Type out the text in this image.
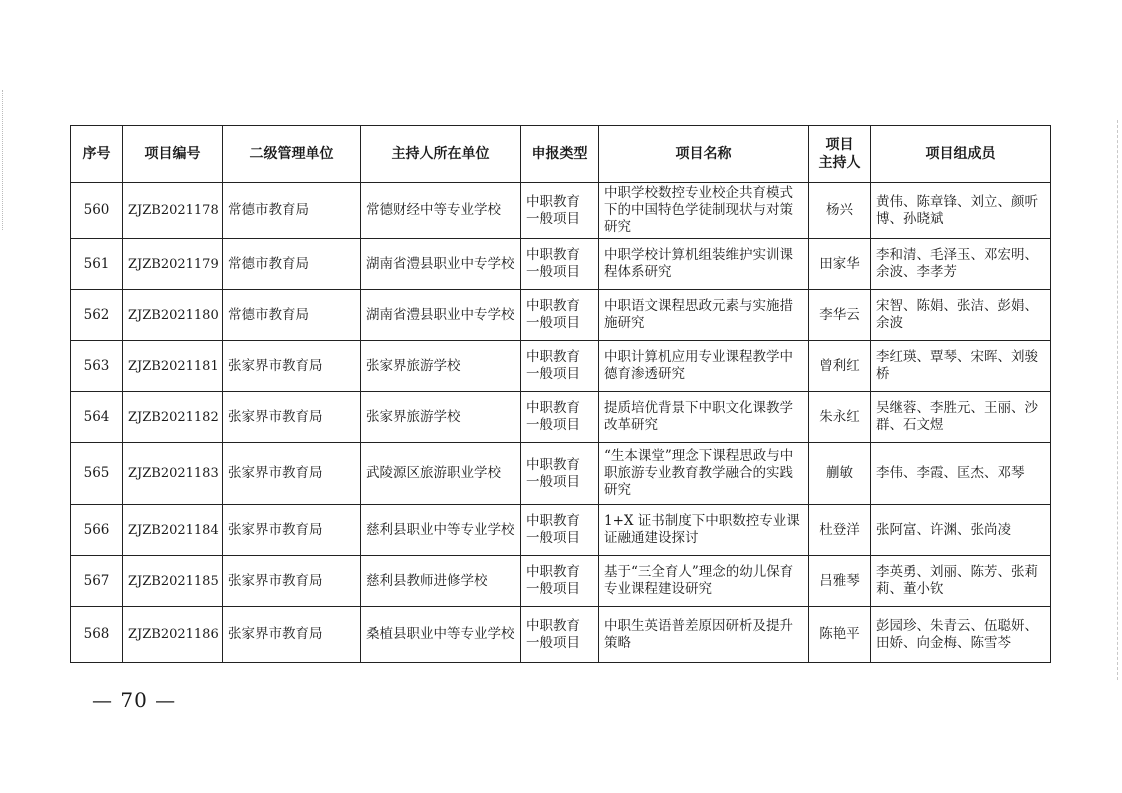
序号	项目编号	二级管理单位	主持人所在单位	申报类型	项目名称	项目
主持人	项目组成员
560	ZJZB2021178	常德市教育局	常德财经中等专业学校	中职教育一般项目	中职学校数控专业校企共育模式下的中国特色学徒制现状与对策研究	杨兴	黄伟、陈章锋、刘立、颜听博、孙晓斌
561	ZJZB2021179	常德市教育局	湖南省澧县职业中专学校	中职教育一般项目	中职学校计算机组装维护实训课程体系研究	田家华	李和清、毛泽玉、邓宏明、余波、李孝芳
562	ZJZB2021180	常德市教育局	湖南省澧县职业中专学校	中职教育一般项目	中职语文课程思政元素与实施措施研究	李华云	宋智、陈娟、张洁、彭娟、余波
563	ZJZB2021181	张家界市教育局	张家界旅游学校	中职教育一般项目	中职计算机应用专业课程教学中德育渗透研究	曾利红	李红瑛、覃琴、宋晖、刘骏桥
564	ZJZB2021182	张家界市教育局	张家界旅游学校	中职教育一般项目	提质培优背景下中职文化课教学改革研究	朱永红	吴继蓉、李胜元、王丽、沙群、石文煜
565	ZJZB2021183	张家界市教育局	武陵源区旅游职业学校	中职教育一般项目	“生本课堂”理念下课程思政与中职旅游专业教育教学融合的实践研究	蒯敏	李伟、李霞、匡杰、邓琴
566	ZJZB2021184	张家界市教育局	慈利县职业中等专业学校	中职教育一般项目	1+X 证书制度下中职数控专业课证融通建设探讨	杜登洋	张阿富、许渊、张尚凌
567	ZJZB2021185	张家界市教育局	慈利县教师进修学校	中职教育一般项目	基于“三全育人”理念的幼儿保育专业课程建设研究	吕雅琴	李英勇、刘丽、陈芳、张莉莉、董小钦
568	ZJZB2021186	张家界市教育局	桑植县职业中等专业学校	中职教育一般项目	中职生英语普差原因研析及提升策略	陈艳平	彭园珍、朱青云、伍聪妍、田娇、向金梅、陈雪芩
— 70 —
